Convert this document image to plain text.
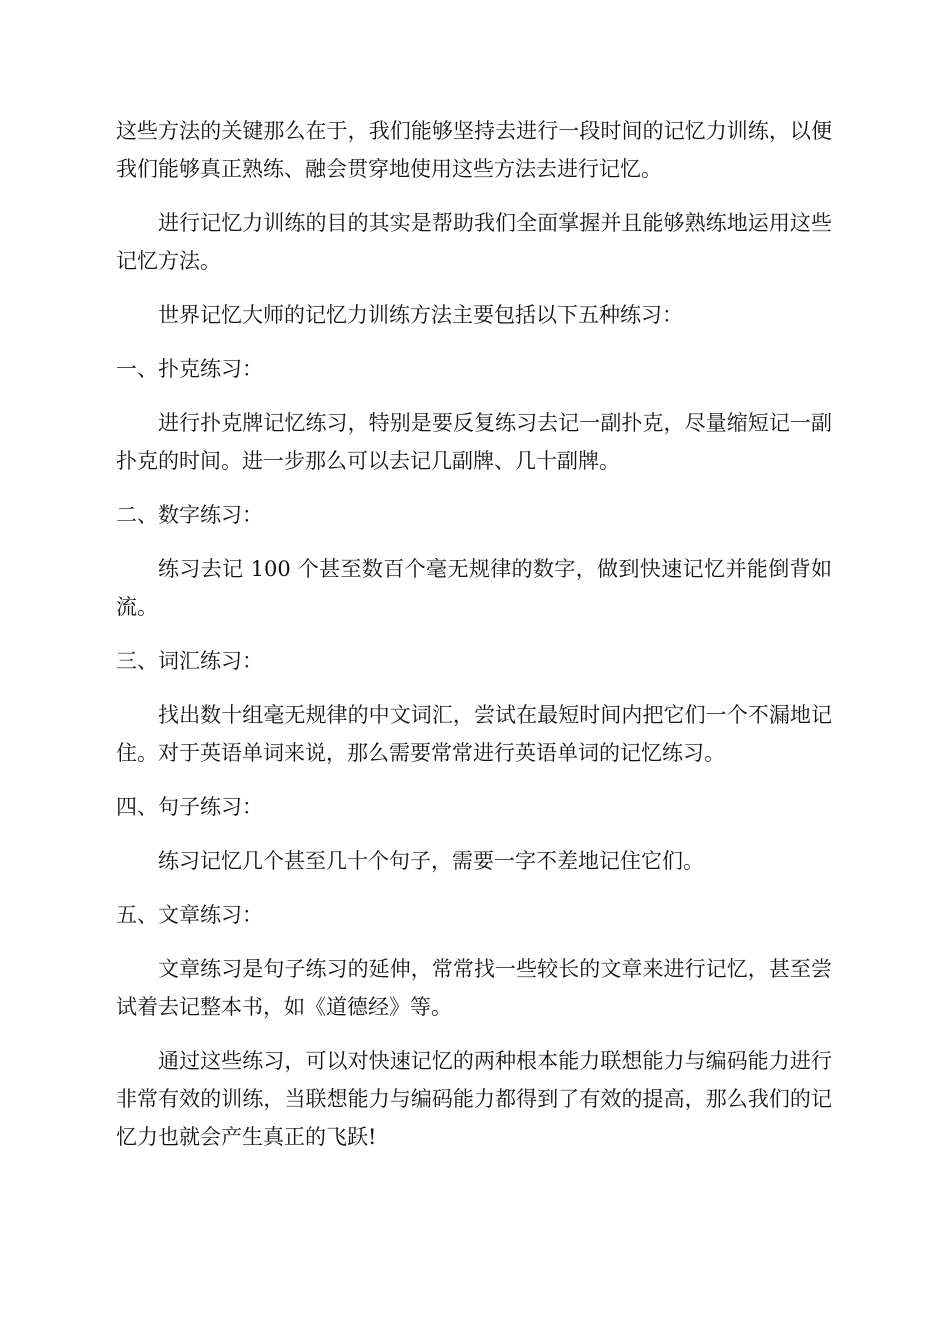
这些方法的关键那么在于，我们能够坚持去进行一段时间的记忆力训练，以便我们能够真正熟练、融会贯穿地使用这些方法去进行记忆。

进行记忆力训练的目的其实是帮助我们全面掌握并且能够熟练地运用这些记忆方法。

世界记忆大师的记忆力训练方法主要包括以下五种练习：

一、扑克练习：

进行扑克牌记忆练习，特别是要反复练习去记一副扑克，尽量缩短记一副扑克的时间。进一步那么可以去记几副牌、几十副牌。

二、数字练习：

练习去记 100 个甚至数百个毫无规律的数字，做到快速记忆并能倒背如流。

三、词汇练习：

找出数十组毫无规律的中文词汇，尝试在最短时间内把它们一个不漏地记住。对于英语单词来说，那么需要常常进行英语单词的记忆练习。

四、句子练习：

练习记忆几个甚至几十个句子，需要一字不差地记住它们。

五、文章练习：

文章练习是句子练习的延伸，常常找一些较长的文章来进行记忆，甚至尝试着去记整本书，如《道德经》等。

通过这些练习，可以对快速记忆的两种根本能力联想能力与编码能力进行非常有效的训练，当联想能力与编码能力都得到了有效的提高，那么我们的记忆力也就会产生真正的飞跃!
